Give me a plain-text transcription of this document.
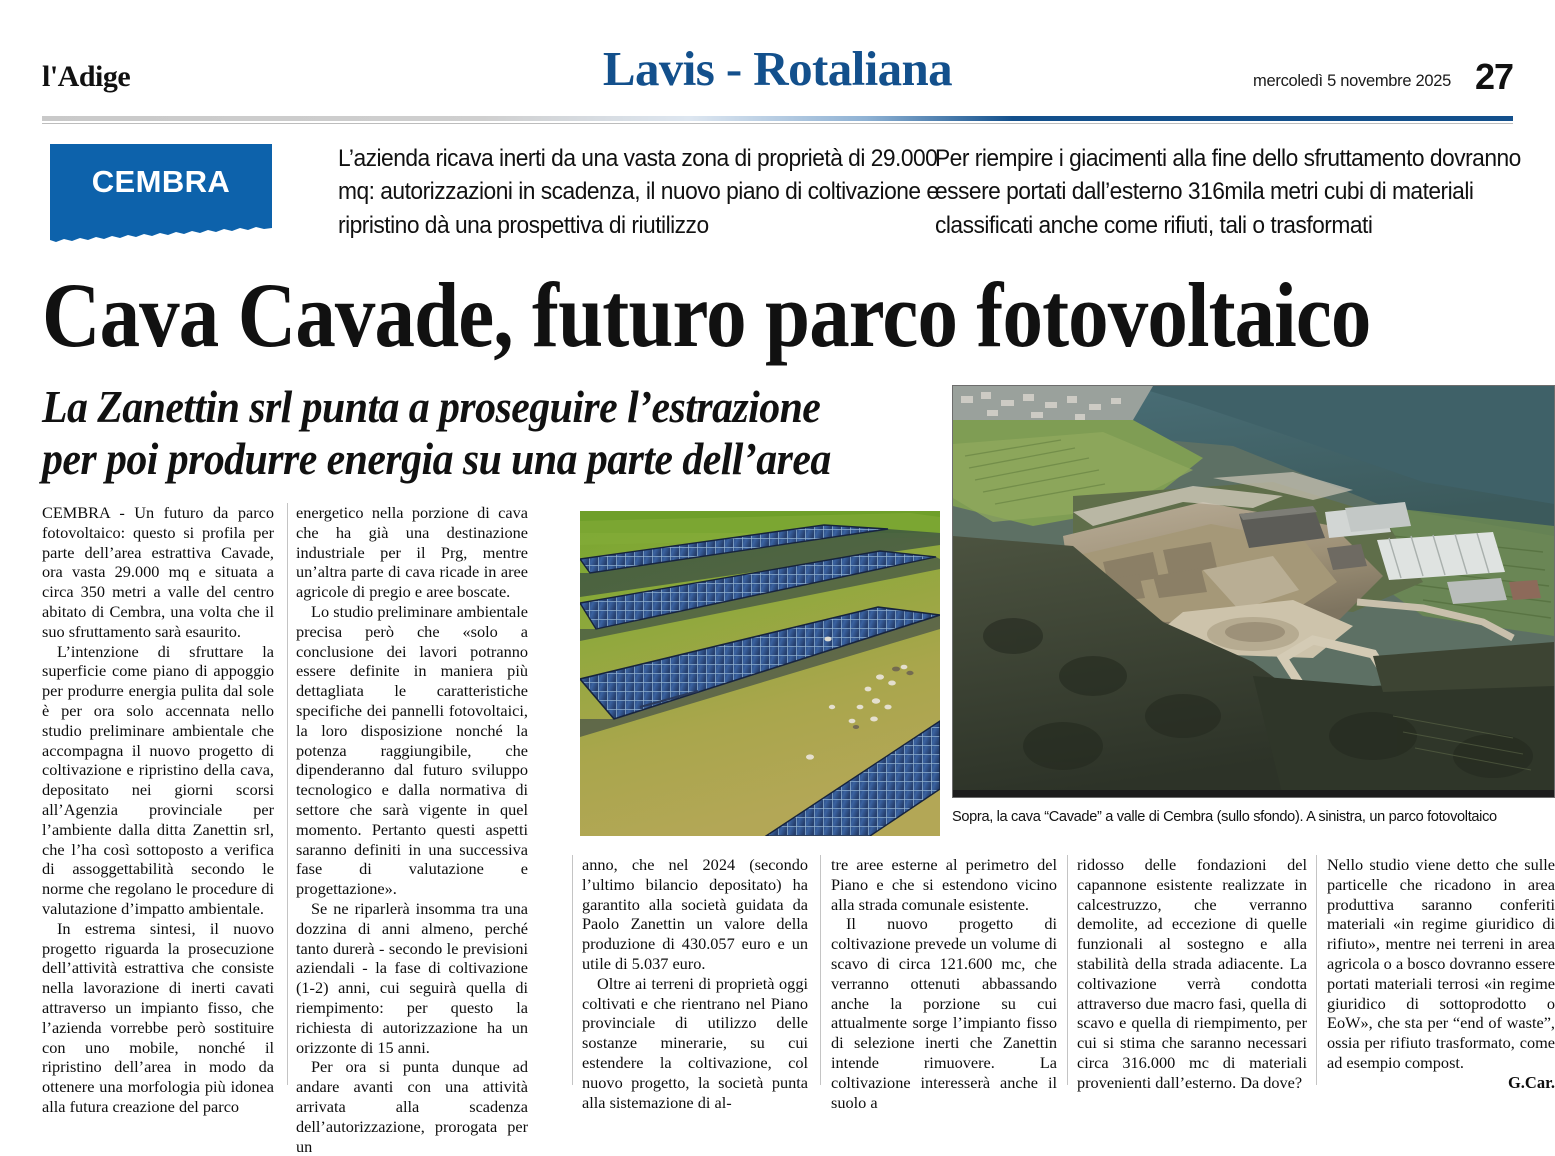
l'Adige	Lavis - Rotaliana	mercoledì 5 novembre 2025 27
CEMBRA
L’azienda ricava inerti da una vasta zona di proprietà di 29.000 mq: autorizzazioni in scadenza, il nuovo piano di coltivazione e ripristino dà una prospettiva di riutilizzo
Per riempire i giacimenti alla fine dello sfruttamento dovranno essere portati dall’esterno 316mila metri cubi di materiali classificati anche come rifiuti, tali o trasformati
Cava Cavade, futuro parco fotovoltaico
La Zanettin srl punta a proseguire l’estrazione per poi produrre energia su una parte dell’area
Sopra, la cava “Cavade” a valle di Cembra (sullo sfondo). A sinistra, un parco fotovoltaico

CEMBRA - Un futuro da parco fotovoltaico: questo si profila per parte dell’area estrattiva Cavade, ora vasta 29.000 mq e situata a circa 350 metri a valle del centro abitato di Cembra, una volta che il suo sfruttamento sarà esaurito.

L’intenzione di sfruttare la superficie come piano di appoggio per produrre energia pulita dal sole è per ora solo accennata nello studio preliminare ambientale che accompagna il nuovo progetto di coltivazione e ripristino della cava, depositato nei giorni scorsi all’Agenzia provinciale per l’ambiente dalla ditta Zanettin srl, che l’ha così sottoposto a verifica di assoggettabilità secondo le norme che regolano le procedure di valutazione d’impatto ambientale.

In estrema sintesi, il nuovo progetto riguarda la prosecuzione dell’attività estrattiva che consiste nella lavorazione di inerti cavati attraverso un impianto fisso, che l’azienda vorrebbe però sostituire con uno mobile, nonché il ripristino dell’area in modo da ottenere una morfologia più idonea alla futura creazione del parco

energetico nella porzione di cava che ha già una destinazione industriale per il Prg, mentre un’altra parte di cava ricade in aree agricole di pregio e aree boscate.

Lo studio preliminare ambientale precisa però che «solo a conclusione dei lavori potranno essere definite in maniera più dettagliata le caratteristiche specifiche dei pannelli fotovoltaici, la loro disposizione nonché la potenza raggiungibile, che dipenderanno dal futuro sviluppo tecnologico e dalla normativa di settore che sarà vigente in quel momento. Pertanto questi aspetti saranno definiti in una successiva fase di valutazione e progettazione».

Se ne riparlerà insomma tra una dozzina di anni almeno, perché tanto durerà - secondo le previsioni aziendali - la fase di coltivazione (1-2) anni, cui seguirà quella di riempimento: per questo la richiesta di autorizzazione ha un orizzonte di 15 anni.

Per ora si punta dunque ad andare avanti con una attività arrivata alla scadenza dell’autorizzazione, prorogata per un

anno, che nel 2024 (secondo l’ultimo bilancio depositato) ha garantito alla società guidata da Paolo Zanettin un valore della produzione di 430.057 euro e un utile di 5.037 euro.

Oltre ai terreni di proprietà oggi coltivati e che rientrano nel Piano provinciale di utilizzo delle sostanze minerarie, su cui estendere la coltivazione, col nuovo progetto, la società punta alla sistemazione di al-

tre aree esterne al perimetro del Piano e che si estendono vicino alla strada comunale esistente.

Il nuovo progetto di coltivazione prevede un volume di scavo di circa 121.600 mc, che verranno ottenuti abbassando anche la porzione su cui attualmente sorge l’impianto fisso di selezione inerti che Zanettin intende rimuovere. La coltivazione interesserà anche il suolo a

ridosso delle fondazioni del capannone esistente realizzate in calcestruzzo, che verranno demolite, ad eccezione di quelle funzionali al sostegno e alla stabilità della strada adiacente. La coltivazione verrà condotta attraverso due macro fasi, quella di scavo e quella di riempimento, per cui si stima che saranno necessari circa 316.000 mc di materiali provenienti dall’esterno. Da dove?

Nello studio viene detto che sulle particelle che ricadono in area produttiva saranno conferiti materiali «in regime giuridico di rifiuto», mentre nei terreni in area agricola o a bosco dovranno essere portati materiali terrosi «in regime giuridico di sottoprodotto o EoW», che sta per “end of waste”, ossia per rifiuto trasformato, come ad esempio compost.

G.Car.
